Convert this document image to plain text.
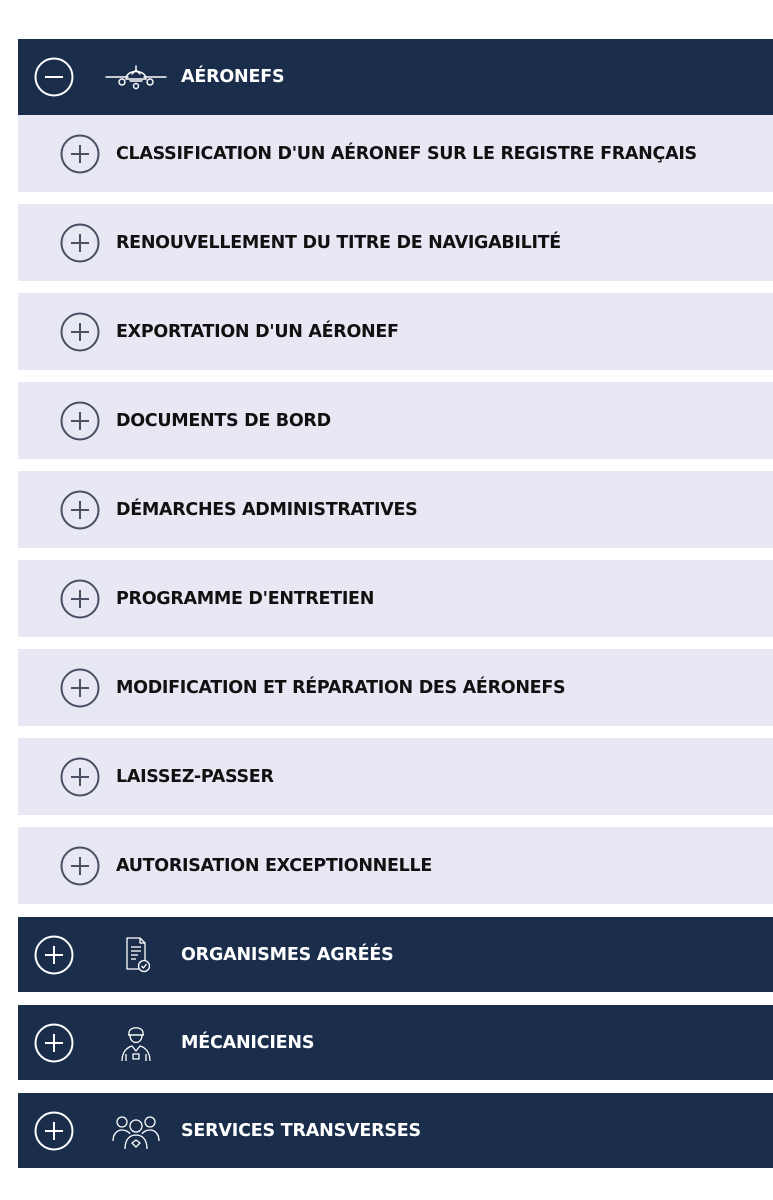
AÉRONEFS
CLASSIFICATION D'UN AÉRONEF SUR LE REGISTRE FRANÇAIS
RENOUVELLEMENT DU TITRE DE NAVIGABILITÉ
EXPORTATION D'UN AÉRONEF
DOCUMENTS DE BORD
DÉMARCHES ADMINISTRATIVES
PROGRAMME D'ENTRETIEN
MODIFICATION ET RÉPARATION DES AÉRONEFS
LAISSEZ-PASSER
AUTORISATION EXCEPTIONNELLE
ORGANISMES AGRÉÉS
MÉCANICIENS
SERVICES TRANSVERSES
